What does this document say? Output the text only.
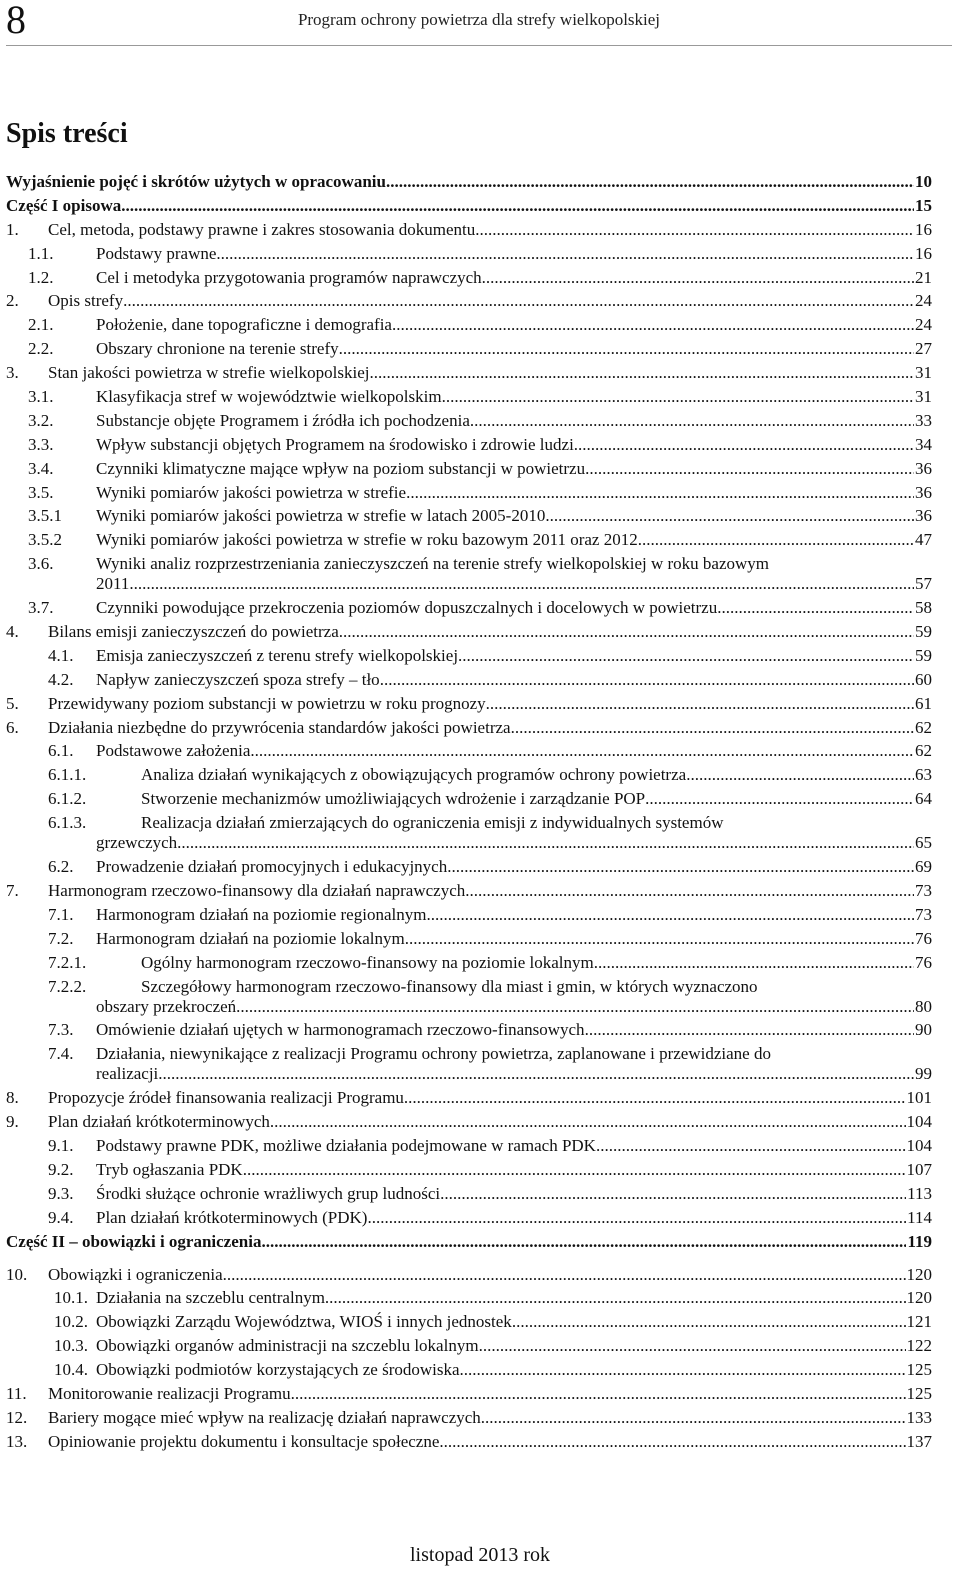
8	Program ochrony powietrza dla strefy wielkopolskiej
Spis treści
Wyjaśnienie pojęć i skrótów użytych w opracowaniu .....	10
Część I opisowa .....	15
1. Cel, metoda, podstawy prawne i zakres stosowania dokumentu .....	16
1.1.	Podstawy prawne .....	16
1.2.	Cel i metodyka przygotowania programów naprawczych .....	21
2. Opis strefy .....	24
2.1.	Położenie, dane topograficzne i demografia .....	24
2.2.	Obszary chronione na terenie strefy .....	27
3. Stan jakości powietrza w strefie wielkopolskiej .....	31
3.1.	Klasyfikacja stref w województwie wielkopolskim .....	31
3.2.	Substancje objęte Programem i źródła ich pochodzenia .....	33
3.3.	Wpływ substancji objętych Programem na środowisko i zdrowie ludzi .....	34
3.4.	Czynniki klimatyczne mające wpływ na poziom substancji w powietrzu .....	36
3.5.	Wyniki pomiarów jakości powietrza w strefie .....	36
3.5.1 Wyniki pomiarów jakości powietrza w strefie w latach 2005-2010 .....	36
3.5.2 Wyniki pomiarów jakości powietrza w strefie w roku bazowym 2011 oraz 2012 .....	47
3.6.	Wyniki analiz rozprzestrzeniania zanieczyszczeń na terenie strefy wielkopolskiej w roku bazowym
2011 .....	57
3.7.	Czynniki powodujące przekroczenia poziomów dopuszczalnych i docelowych w powietrzu .....	58
4. Bilans emisji zanieczyszczeń do powietrza .....	59
4.1. Emisja zanieczyszczeń z terenu strefy wielkopolskiej .....	59
4.2. Napływ zanieczyszczeń spoza strefy – tło .....	60
5. Przewidywany poziom substancji w powietrzu w roku prognozy .....	61
6. Działania niezbędne do przywrócenia standardów jakości powietrza .....	62
6.1. Podstawowe założenia .....	62
6.1.1.	Analiza działań wynikających z obowiązujących programów ochrony powietrza .....	63
6.1.2.	Stworzenie mechanizmów umożliwiających wdrożenie i zarządzanie POP .....	64
6.1.3.	Realizacja działań zmierzających do ograniczenia emisji z indywidualnych systemów
grzewczych .....	65
6.2. Prowadzenie działań promocyjnych i edukacyjnych .....	69
7. Harmonogram rzeczowo-finansowy dla działań naprawczych .....	73
7.1. Harmonogram działań na poziomie regionalnym .....	73
7.2. Harmonogram działań na poziomie lokalnym .....	76
7.2.1.	Ogólny harmonogram rzeczowo-finansowy na poziomie lokalnym .....	76
7.2.2.	Szczegółowy harmonogram rzeczowo-finansowy dla miast i gmin, w których wyznaczono
obszary przekroczeń .....	80
7.3. Omówienie działań ujętych w harmonogramach rzeczowo-finansowych .....	90
7.4. Działania, niewynikające z realizacji Programu ochrony powietrza, zaplanowane i przewidziane do
realizacji .....	99
8. Propozycje źródeł finansowania realizacji Programu .....	101
9. Plan działań krótkoterminowych .....	104
9.1. Podstawy prawne PDK, możliwe działania podejmowane w ramach PDK .....	104
9.2. Tryb ogłaszania PDK .....	107
9.3. Środki służące ochronie wrażliwych grup ludności .....	113
9.4. Plan działań krótkoterminowych (PDK) .....	114
Część II – obowiązki i ograniczenia .....	119
10. Obowiązki i ograniczenia .....	120
10.1. Działania na szczeblu centralnym .....	120
10.2. Obowiązki Zarządu Województwa, WIOŚ i innych jednostek .....	121
10.3. Obowiązki organów administracji na szczeblu lokalnym .....	122
10.4. Obowiązki podmiotów korzystających ze środowiska .....	125
11. Monitorowanie realizacji Programu .....	125
12. Bariery mogące mieć wpływ na realizację działań naprawczych .....	133
13. Opiniowanie projektu dokumentu i konsultacje społeczne .....	137
listopad 2013 rok
